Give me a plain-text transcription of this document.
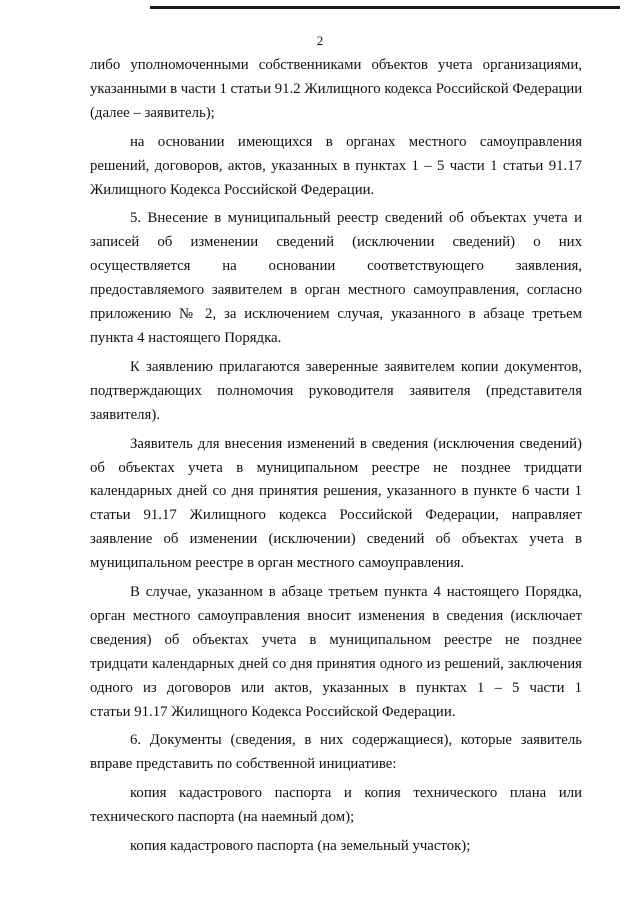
2
либо уполномоченными собственниками объектов учета организациями,
указанными в части 1 статьи 91.2 Жилищного кодекса Российской Федерации
(далее – заявитель);
на основании имеющихся в органах местного самоуправления
решений, договоров, актов, указанных в пунктах 1 – 5 части 1 статьи 91.17
Жилищного Кодекса Российской Федерации.
5. Внесение в муниципальный реестр сведений об объектах учета и
записей об изменении сведений (исключении сведений) о них
осуществляется на основании соответствующего заявления,
предоставляемого заявителем в орган местного самоуправления, согласно
приложению № 2, за исключением случая, указанного в абзаце третьем
пункта 4 настоящего Порядка.
К заявлению прилагаются заверенные заявителем копии документов,
подтверждающих полномочия руководителя заявителя (представителя
заявителя).
Заявитель для внесения изменений в сведения (исключения сведений)
об объектах учета в муниципальном реестре не позднее тридцати
календарных дней со дня принятия решения, указанного в пункте 6 части 1
статьи 91.17 Жилищного кодекса Российской Федерации, направляет
заявление об изменении (исключении) сведений об объектах учета в
муниципальном реестре в орган местного самоуправления.
В случае, указанном в абзаце третьем пункта 4 настоящего Порядка,
орган местного самоуправления вносит изменения в сведения (исключает
сведения) об объектах учета в муниципальном реестре не позднее
тридцати календарных дней со дня принятия одного из решений, заключения
одного из договоров или актов, указанных в пунктах 1 – 5 части 1
статьи 91.17 Жилищного Кодекса Российской Федерации.
6. Документы (сведения, в них содержащиеся), которые заявитель
вправе представить по собственной инициативе:
копия кадастрового паспорта и копия технического плана или
технического паспорта (на наемный дом);
копия кадастрового паспорта (на земельный участок);
